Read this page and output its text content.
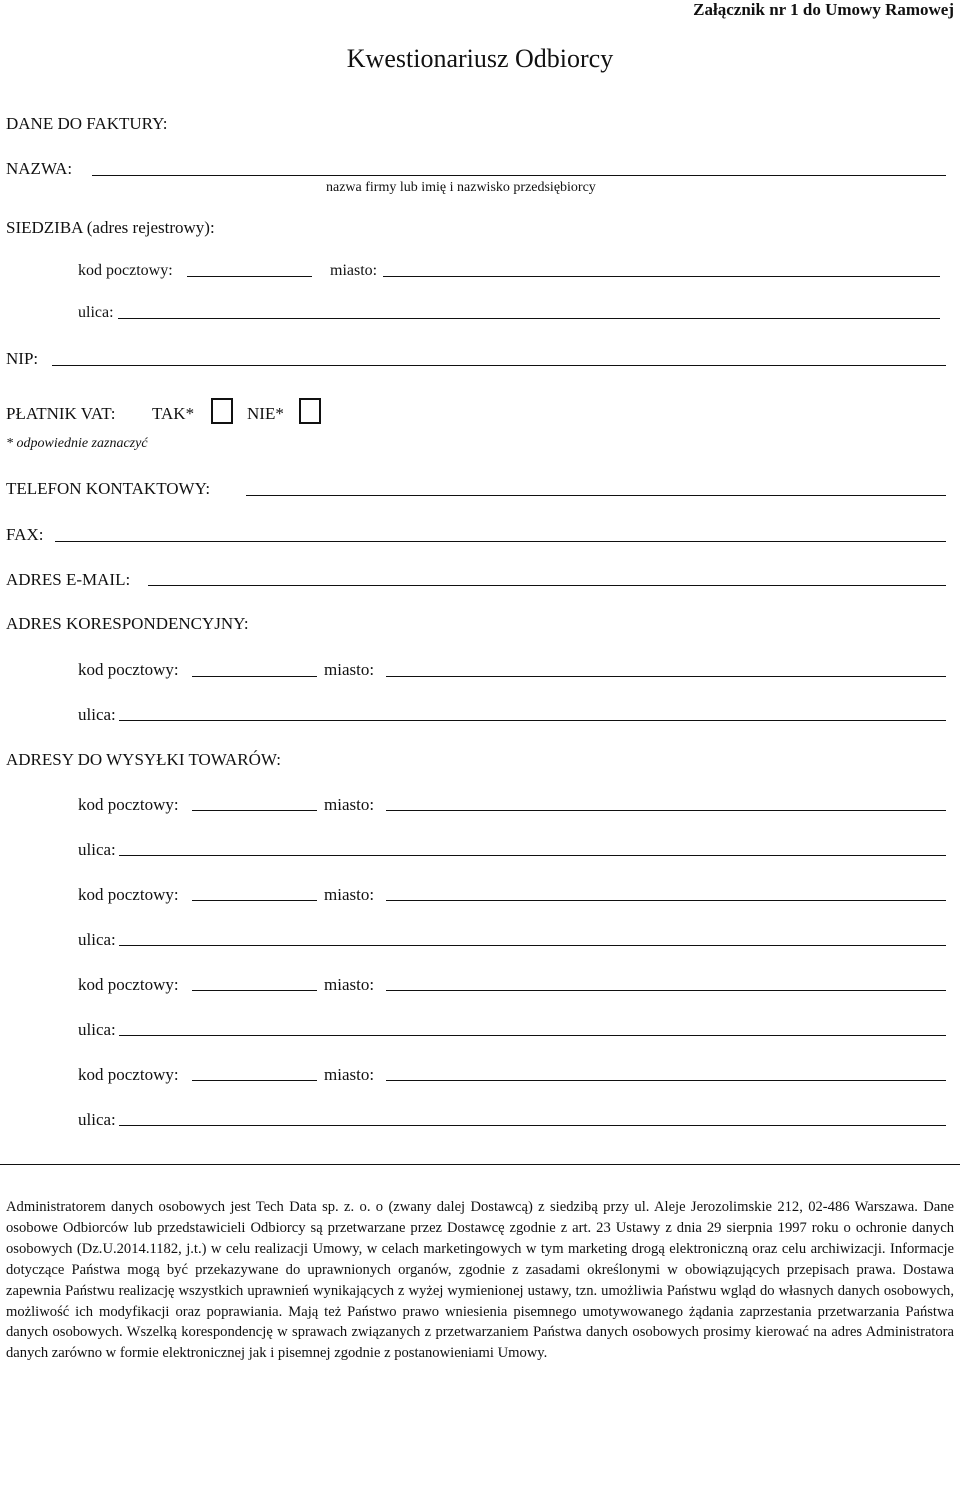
Załącznik nr 1 do Umowy Ramowej
Kwestionariusz Odbiorcy
DANE DO FAKTURY:
NAZWA:
nazwa firmy lub imię i nazwisko przedsiębiorcy
SIEDZIBA (adres rejestrowy):
kod pocztowy:	miasto:
ulica:
NIP:
PŁATNIK VAT: TAK*	NIE*
* odpowiednie zaznaczyć
TELEFON KONTAKTOWY:
FAX:
ADRES E-MAIL:
ADRES KORESPONDENCYJNY:
kod pocztowy:	miasto:
ulica:
ADRESY DO WYSYŁKI TOWARÓW:
kod pocztowy:	miasto:
ulica:
kod pocztowy:	miasto:
ulica:
kod pocztowy:	miasto:
ulica:
kod pocztowy:	miasto:
ulica:
Administratorem danych osobowych jest Tech Data sp. z. o. o (zwany dalej Dostawcą) z siedzibą przy ul. Aleje Jerozolimskie 212, 02-486 Warszawa. Dane osobowe Odbiorców lub przedstawicieli Odbiorcy są przetwarzane przez Dostawcę zgodnie z art. 23 Ustawy z dnia 29 sierpnia 1997 roku o ochronie danych osobowych (Dz.U.2014.1182, j.t.) w celu realizacji Umowy, w celach marketingowych w tym marketing drogą elektroniczną oraz celu archiwizacji. Informacje dotyczące Państwa mogą być przekazywane do uprawnionych organów, zgodnie z zasadami określonymi w obowiązujących przepisach prawa. Dostawa zapewnia Państwu realizację wszystkich uprawnień wynikających z wyżej wymienionej ustawy, tzn. umożliwia Państwu wgląd do własnych danych osobowych, możliwość ich modyfikacji oraz poprawiania. Mają też Państwo prawo wniesienia pisemnego umotywowanego żądania zaprzestania przetwarzania Państwa danych osobowych. Wszelką korespondencję w sprawach związanych z przetwarzaniem Państwa danych osobowych prosimy kierować na adres Administratora danych zarówno w formie elektronicznej jak i pisemnej zgodnie z postanowieniami Umowy.
